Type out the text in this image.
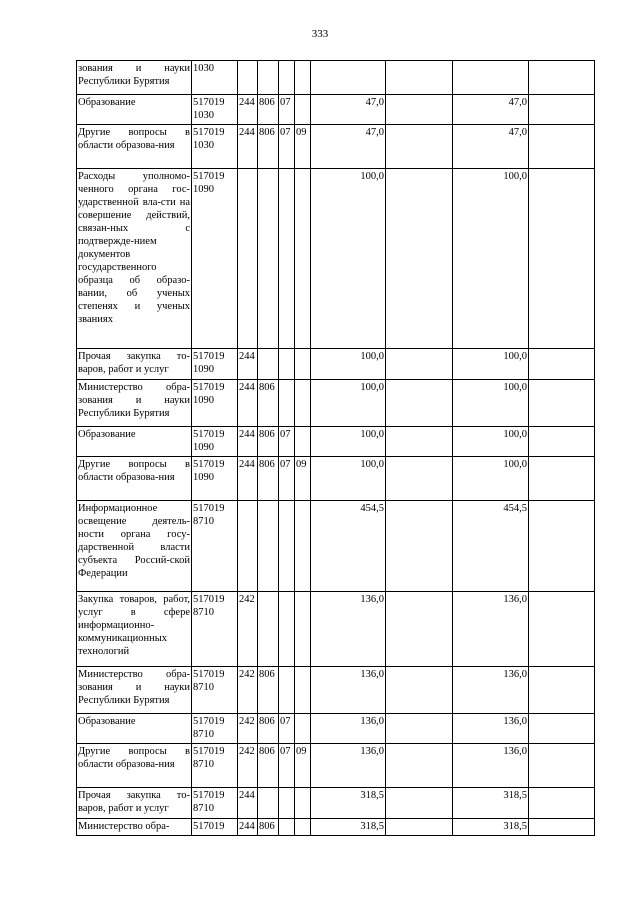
333
зования и науки Республики Бурятия	1030								
Образование	517019 1030	244	806	07		47,0		47,0	
Другие вопросы в области образова-ния	517019 1030	244	806	07	09	47,0		47,0	
Расходы уполномо-ченного органа гос-ударственной вла-сти на совершение действий, связан-ных с подтвержде-нием документов государственного образца об образо-вании, об ученых степенях и ученых званиях	517019 1090					100,0		100,0	
Прочая закупка то-варов, работ и услуг	517019 1090	244				100,0		100,0	
Министерство обра-зования и науки Республики Бурятия	517019 1090	244	806			100,0		100,0	
Образование	517019 1090	244	806	07		100,0		100,0	
Другие вопросы в области образова-ния	517019 1090	244	806	07	09	100,0		100,0	
Информационное освещение деятель-ности органа госу-дарственной власти субъекта Россий-ской Федерации	517019 8710					454,5		454,5	
Закупка товаров, работ, услуг в сфере информационно-коммуникационных технологий	517019 8710	242				136,0		136,0	
Министерство обра-зования и науки Республики Бурятия	517019 8710	242	806			136,0		136,0	
Образование	517019 8710	242	806	07		136,0		136,0	
Другие вопросы в области образова-ния	517019 8710	242	806	07	09	136,0		136,0	
Прочая закупка то-варов, работ и услуг	517019 8710	244				318,5		318,5	
Министерство обра-	517019	244	806			318,5		318,5	
